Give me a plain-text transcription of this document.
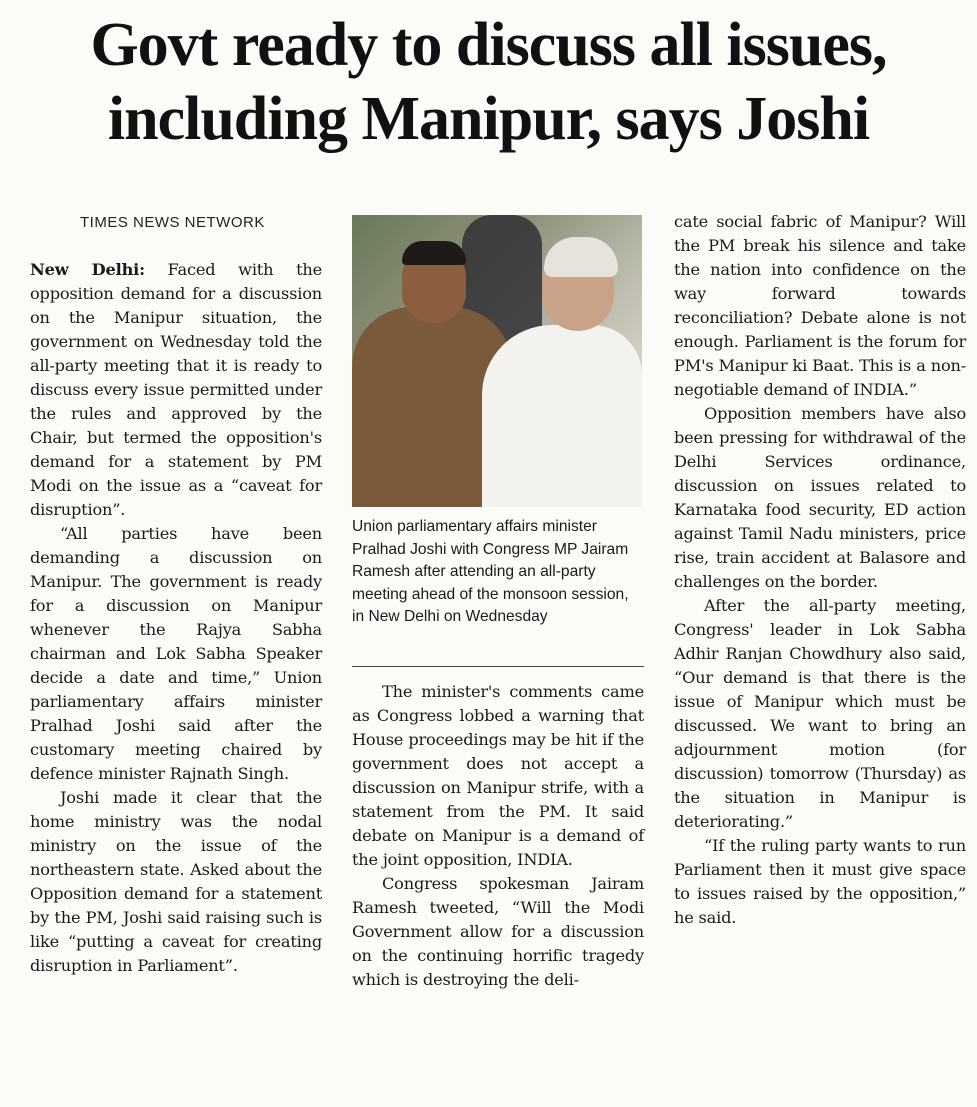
Govt ready to discuss all issues,
including Manipur, says Joshi
TIMES NEWS NETWORK

New Delhi: Faced with the opposition demand for a discussion on the Manipur situation, the government on Wednesday told the all-party meeting that it is ready to discuss every issue permitted under the rules and approved by the Chair, but termed the opposition's demand for a statement by PM Modi on the issue as a “caveat for disruption”.

“All parties have been demanding a discussion on Manipur. The government is ready for a discussion on Manipur whenever the Rajya Sabha chairman and Lok Sabha Speaker decide a date and time,” Union parliamentary affairs minister Pralhad Joshi said after the customary meeting chaired by defence minister Rajnath Singh.

Joshi made it clear that the home ministry was the nodal ministry on the issue of the northeastern state. Asked about the Opposition demand for a statement by the PM, Joshi said raising such is like “putting a caveat for creating disruption in Parliament”.

Union parliamentary affairs minister Pralhad Joshi with Congress MP Jairam Ramesh after attending an all-party meeting ahead of the monsoon session, in New Delhi on Wednesday

The minister's comments came as Congress lobbed a warning that House proceedings may be hit if the government does not accept a discussion on Manipur strife, with a statement from the PM. It said debate on Manipur is a demand of the joint opposition, INDIA.

Congress spokesman Jairam Ramesh tweeted, “Will the Modi Government allow for a discussion on the continuing horrific tragedy which is destroying the deli-

cate social fabric of Manipur? Will the PM break his silence and take the nation into confidence on the way forward towards reconciliation? Debate alone is not enough. Parliament is the forum for PM's Manipur ki Baat. This is a non-negotiable demand of INDIA.”

Opposition members have also been pressing for withdrawal of the Delhi Services ordinance, discussion on issues related to Karnataka food security, ED action against Tamil Nadu ministers, price rise, train accident at Balasore and challenges on the border.

After the all-party meeting, Congress' leader in Lok Sabha Adhir Ranjan Chowdhury also said, “Our demand is that there is the issue of Manipur which must be discussed. We want to bring an adjournment motion (for discussion) tomorrow (Thursday) as the situation in Manipur is deteriorating.”

“If the ruling party wants to run Parliament then it must give space to issues raised by the opposition,” he said.
